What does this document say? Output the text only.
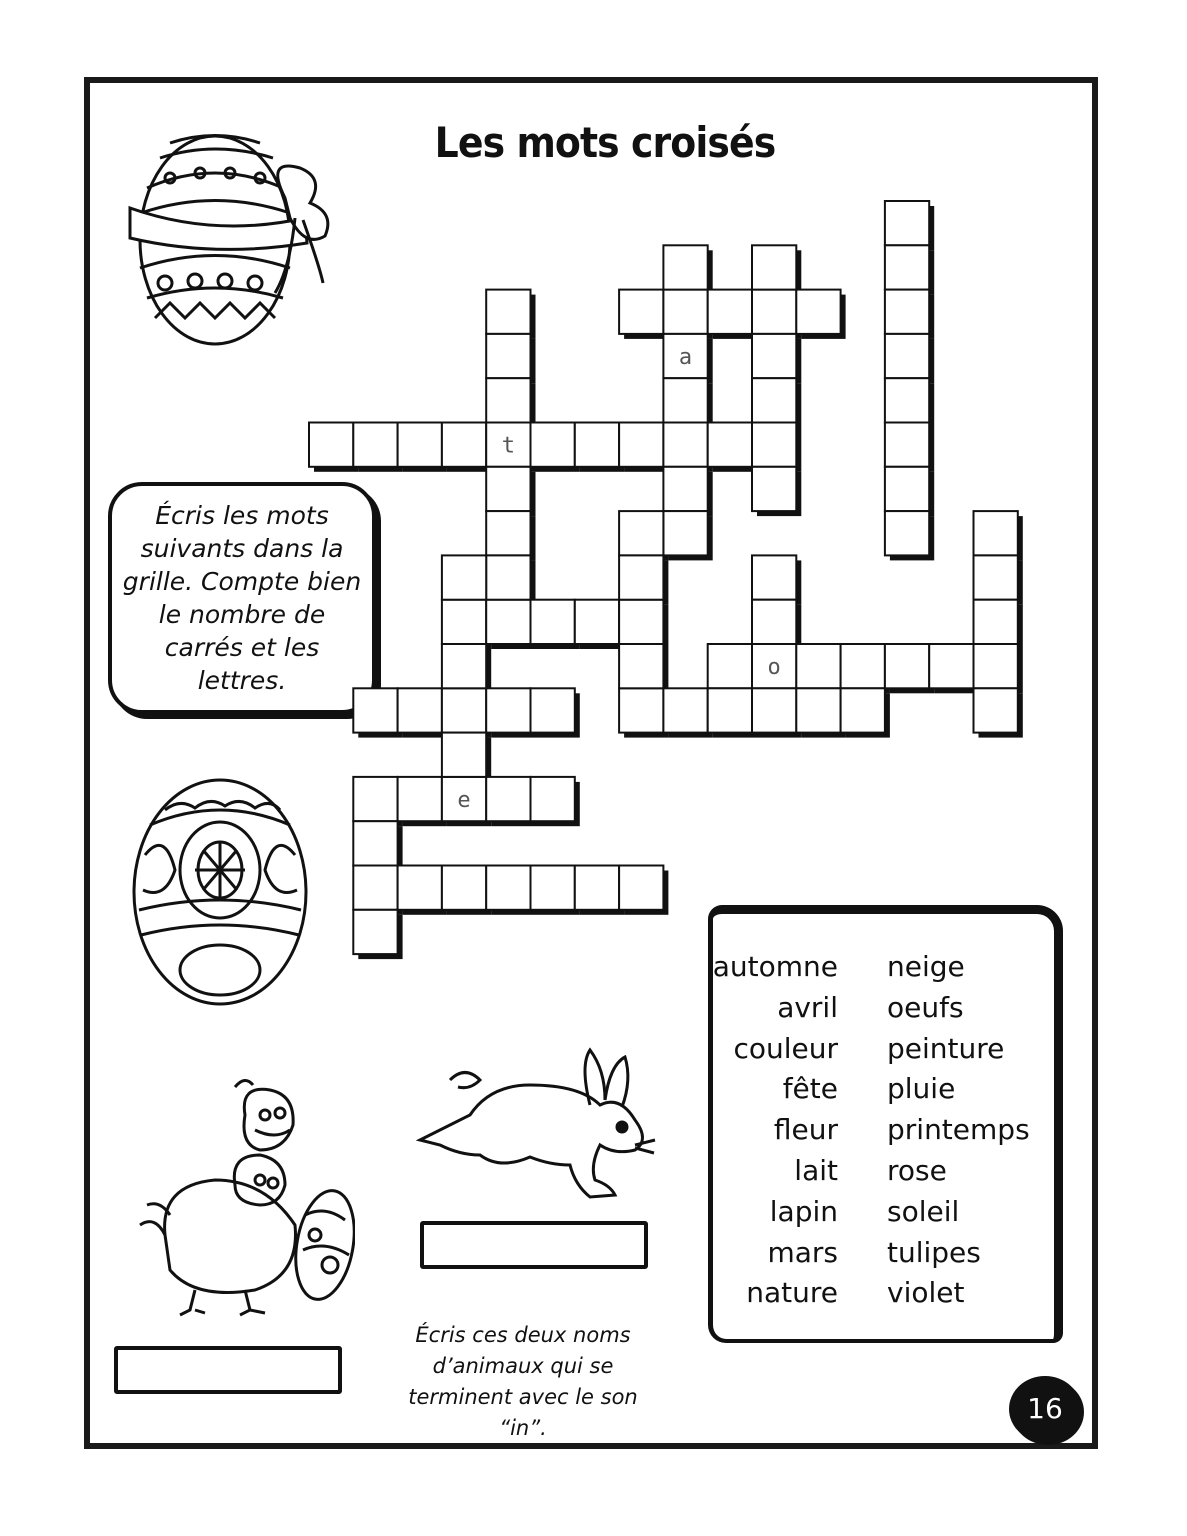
Les mots croisés
Écris les mots suivants dans la grille. Compte bien le nombre de carrés et les lettres.
t
o
e
a
automne
avril
couleur
fête
fleur
lait
lapin
mars
nature
neige
oeufs
peinture
pluie
printemps
rose
soleil
tulipes
violet
Écris ces deux noms d’animaux qui se terminent avec le son “in”.
16
